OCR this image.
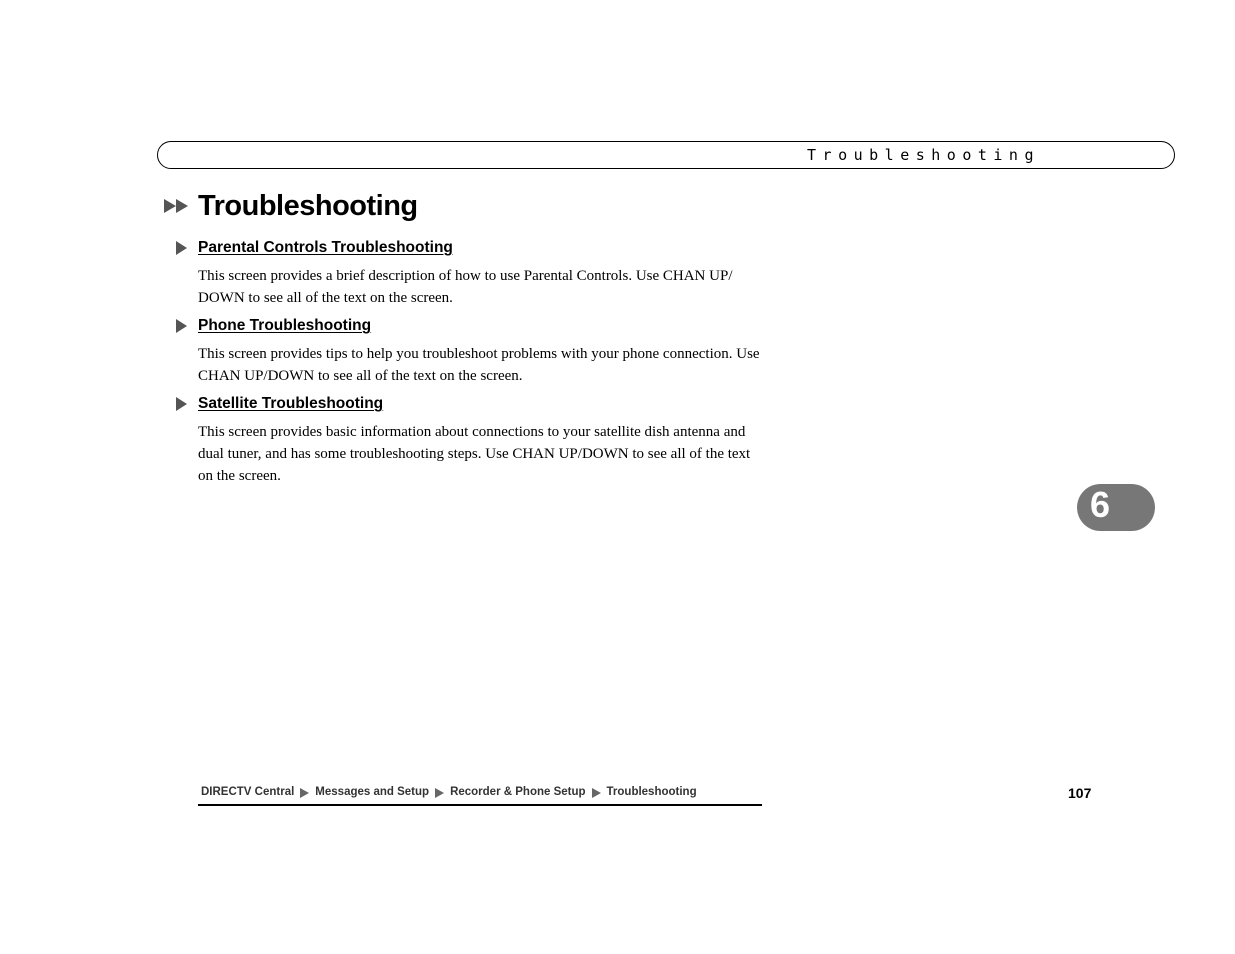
Troubleshooting
Troubleshooting
Parental Controls Troubleshooting
This screen provides a brief description of how to use Parental Controls. Use CHAN UP/ DOWN to see all of the text on the screen.
Phone Troubleshooting
This screen provides tips to help you troubleshoot problems with your phone connection. Use CHAN UP/DOWN to see all of the text on the screen.
Satellite Troubleshooting
This screen provides basic information about connections to your satellite dish antenna and dual tuner, and has some troubleshooting steps. Use CHAN UP/DOWN to see all of the text on the screen.
6
DIRECTV Central Messages and Setup Recorder & Phone Setup Troubleshooting	107
